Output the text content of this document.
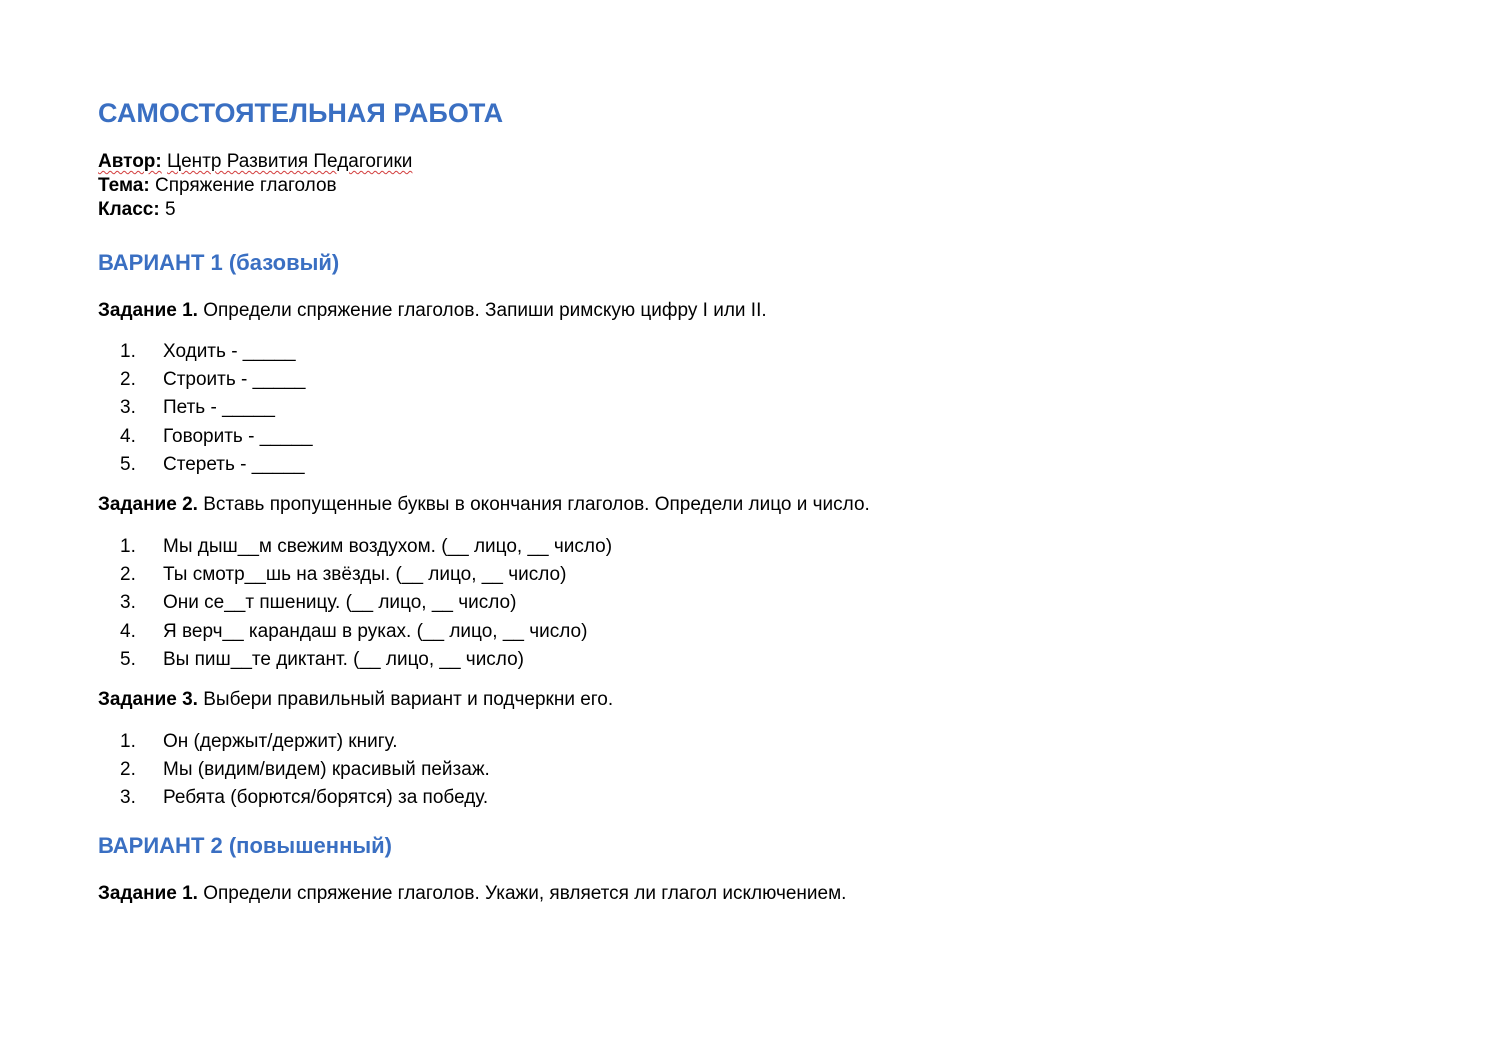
САМОСТОЯТЕЛЬНАЯ РАБОТА
Автор: Центр Развития Педагогики
Тема: Спряжение глаголов
Класс: 5
ВАРИАНТ 1 (базовый)
Задание 1. Определи спряжение глаголов. Запиши римскую цифру I или II.
1. Ходить - _____
2. Строить - _____
3. Петь - _____
4. Говорить - _____
5. Стереть - _____
Задание 2. Вставь пропущенные буквы в окончания глаголов. Определи лицо и число.
1. Мы дыш__м свежим воздухом. (__ лицо, __ число)
2. Ты смотр__шь на звёзды. (__ лицо, __ число)
3. Они се__т пшеницу. (__ лицо, __ число)
4. Я верч__ карандаш в руках. (__ лицо, __ число)
5. Вы пиш__те диктант. (__ лицо, __ число)
Задание 3. Выбери правильный вариант и подчеркни его.
1. Он (держыт/держит) книгу.
2. Мы (видим/видем) красивый пейзаж.
3. Ребята (борются/борятся) за победу.
ВАРИАНТ 2 (повышенный)
Задание 1. Определи спряжение глаголов. Укажи, является ли глагол исключением.
